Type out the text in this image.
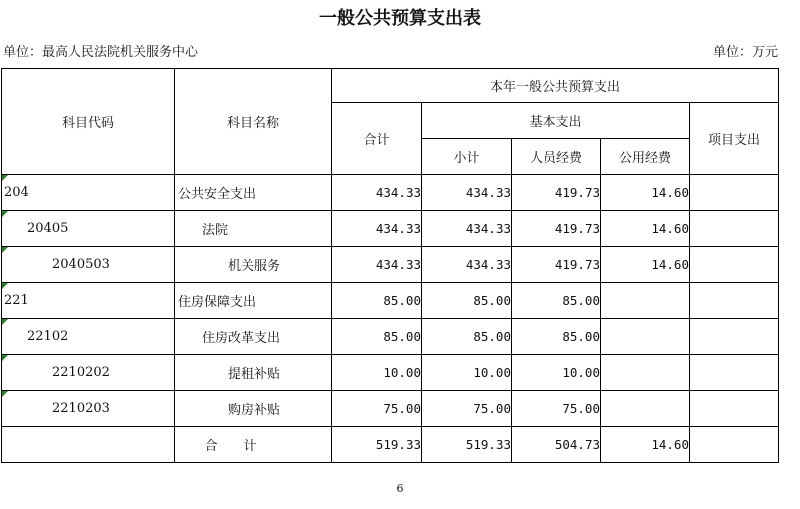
一般公共预算支出表
单位：最高人民法院机关服务中心	单位：万元
科目代码	科目名称	本年一般公共预算支出				
		合计	基本支出			项目支出
			小计	人员经费	公用经费	

204	公共安全支出	434.33	434.33	419.73	14.60	

20405	法院	434.33	434.33	419.73	14.60	

2040503	机关服务	434.33	434.33	419.73	14.60	

221	住房保障支出	85.00	85.00	85.00		

22102	住房改革支出	85.00	85.00	85.00		

2210202	提租补贴	10.00	10.00	10.00		

2210203	购房补贴	75.00	75.00	75.00		
	合 计	519.33	519.33	504.73	14.60	
6
